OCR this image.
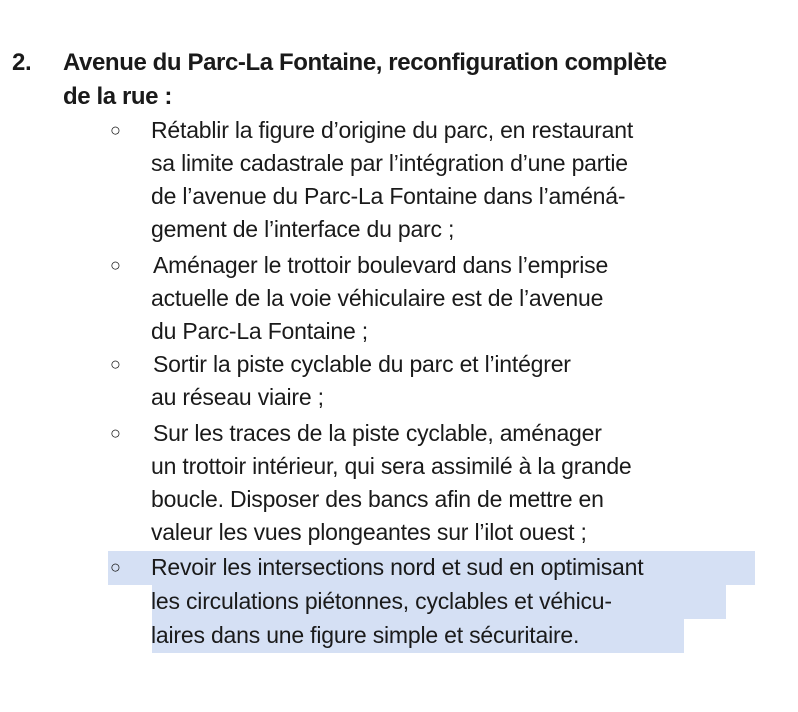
2. Avenue du Parc-La Fontaine, reconfiguration complète
de la rue :
○ Rétablir la figure d’origine du parc, en restaurant
sa limite cadastrale par l’intégration d’une partie
de l’avenue du Parc-La Fontaine dans l’améná-
gement de l’interface du parc ;
○ Aménager le trottoir boulevard dans l’emprise
actuelle de la voie véhiculaire est de l’avenue
du Parc-La Fontaine ;
○ Sortir la piste cyclable du parc et l’intégrer
au réseau viaire ;
○ Sur les traces de la piste cyclable, aménager
un trottoir intérieur, qui sera assimilé à la grande
boucle. Disposer des bancs afin de mettre en
valeur les vues plongeantes sur l’ilot ouest ;
○ Revoir les intersections nord et sud en optimisant
les circulations piétonnes, cyclables et véhicu-
laires dans une figure simple et sécuritaire.
